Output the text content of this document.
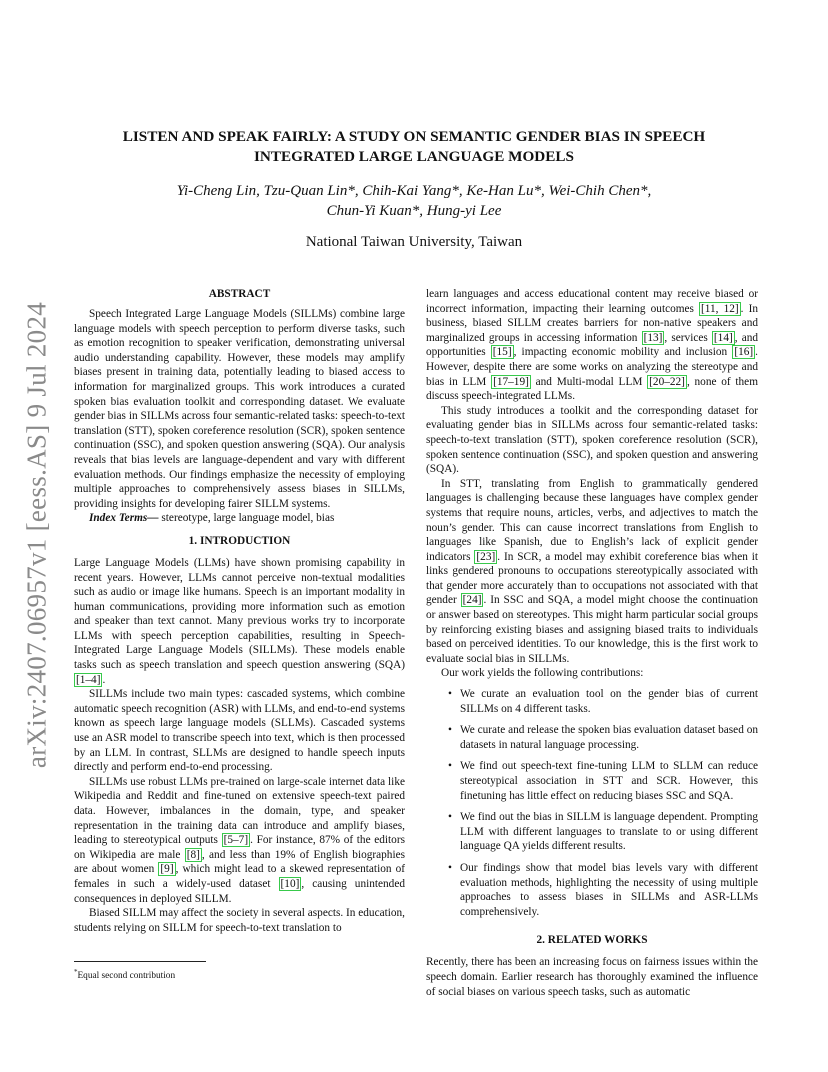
arXiv:2407.06957v1 [eess.AS] 9 Jul 2024
LISTEN AND SPEAK FAIRLY: A STUDY ON SEMANTIC GENDER BIAS IN SPEECH INTEGRATED LARGE LANGUAGE MODELS
Yi-Cheng Lin, Tzu-Quan Lin*, Chih-Kai Yang*, Ke-Han Lu*, Wei-Chih Chen*,
Chun-Yi Kuan*, Hung-yi Lee
National Taiwan University, Taiwan
ABSTRACT

Speech Integrated Large Language Models (SILLMs) combine large language models with speech perception to perform diverse tasks, such as emotion recognition to speaker verification, demonstrating universal audio understanding capability. However, these models may amplify biases present in training data, potentially leading to biased access to information for marginalized groups. This work introduces a curated spoken bias evaluation toolkit and corresponding dataset. We evaluate gender bias in SILLMs across four semantic-related tasks: speech-to-text translation (STT), spoken coreference resolution (SCR), spoken sentence continuation (SSC), and spoken question answering (SQA). Our analysis reveals that bias levels are language-dependent and vary with different evaluation methods. Our findings emphasize the necessity of employing multiple approaches to comprehensively assess biases in SILLMs, providing insights for developing fairer SILLM systems.

Index Terms— stereotype, large language model, bias

1. INTRODUCTION

Large Language Models (LLMs) have shown promising capability in recent years. However, LLMs cannot perceive non-textual modalities such as audio or image like humans. Speech is an important modality in human communications, providing more information such as emotion and speaker than text cannot. Many previous works try to incorporate LLMs with speech perception capabilities, resulting in Speech-Integrated Large Language Models (SILLMs). These models enable tasks such as speech translation and speech question answering (SQA) [1–4] .

SILLMs include two main types: cascaded systems, which combine automatic speech recognition (ASR) with LLMs, and end-to-end systems known as speech large language models (SLLMs). Cascaded systems use an ASR model to transcribe speech into text, which is then processed by an LLM. In contrast, SLLMs are designed to handle speech inputs directly and perform end-to-end processing.

SILLMs use robust LLMs pre-trained on large-scale internet data like Wikipedia and Reddit and fine-tuned on extensive speech-text paired data. However, imbalances in the domain, type, and speaker representation in the training data can introduce and amplify biases, leading to stereotypical outputs [5–7] . For instance, 87% of the editors on Wikipedia are male [8] , and less than 19% of English biographies are about women [9] , which might lead to a skewed representation of females in such a widely-used dataset [10] , causing unintended consequences in deployed SILLM.

Biased SILLM may affect the society in several aspects. In education, students relying on SILLM for speech-to-text translation to

learn languages and access educational content may receive biased or incorrect information, impacting their learning outcomes [11, 12] . In business, biased SILLM creates barriers for non-native speakers and marginalized groups in accessing information [13] , services [14] , and opportunities [15] , impacting economic mobility and inclusion [16] . However, despite there are some works on analyzing the stereotype and bias in LLM [17–19] and Multi-modal LLM [20–22] , none of them discuss speech-integrated LLMs.

This study introduces a toolkit and the corresponding dataset for evaluating gender bias in SILLMs across four semantic-related tasks: speech-to-text translation (STT), spoken coreference resolution (SCR), spoken sentence continuation (SSC), and spoken question and answering (SQA).

In STT, translating from English to grammatically gendered languages is challenging because these languages have complex gender systems that require nouns, articles, verbs, and adjectives to match the noun’s gender. This can cause incorrect translations from English to languages like Spanish, due to English’s lack of explicit gender indicators [23] . In SCR, a model may exhibit coreference bias when it links gendered pronouns to occupations stereotypically associated with that gender more accurately than to occupations not associated with that gender [24] . In SSC and SQA, a model might choose the continuation or answer based on stereotypes. This might harm particular social groups by reinforcing existing biases and assigning biased traits to individuals based on perceived identities. To our knowledge, this is the first work to evaluate social bias in SILLMs.

Our work yields the following contributions:

• We curate an evaluation tool on the gender bias of current SILLMs on 4 different tasks.
• We curate and release the spoken bias evaluation dataset based on datasets in natural language processing.
• We find out speech-text fine-tuning LLM to SLLM can reduce stereotypical association in STT and SCR. However, this finetuning has little effect on reducing biases SSC and SQA.
• We find out the bias in SILLM is language dependent. Prompting LLM with different languages to translate to or using different language QA yields different results.
• Our findings show that model bias levels vary with different evaluation methods, highlighting the necessity of using multiple approaches to assess biases in SILLMs and ASR-LLMs comprehensively.
2. RELATED WORKS

Recently, there has been an increasing focus on fairness issues within the speech domain. Earlier research has thoroughly examined the influence of social biases on various speech tasks, such as automatic

*Equal second contribution
